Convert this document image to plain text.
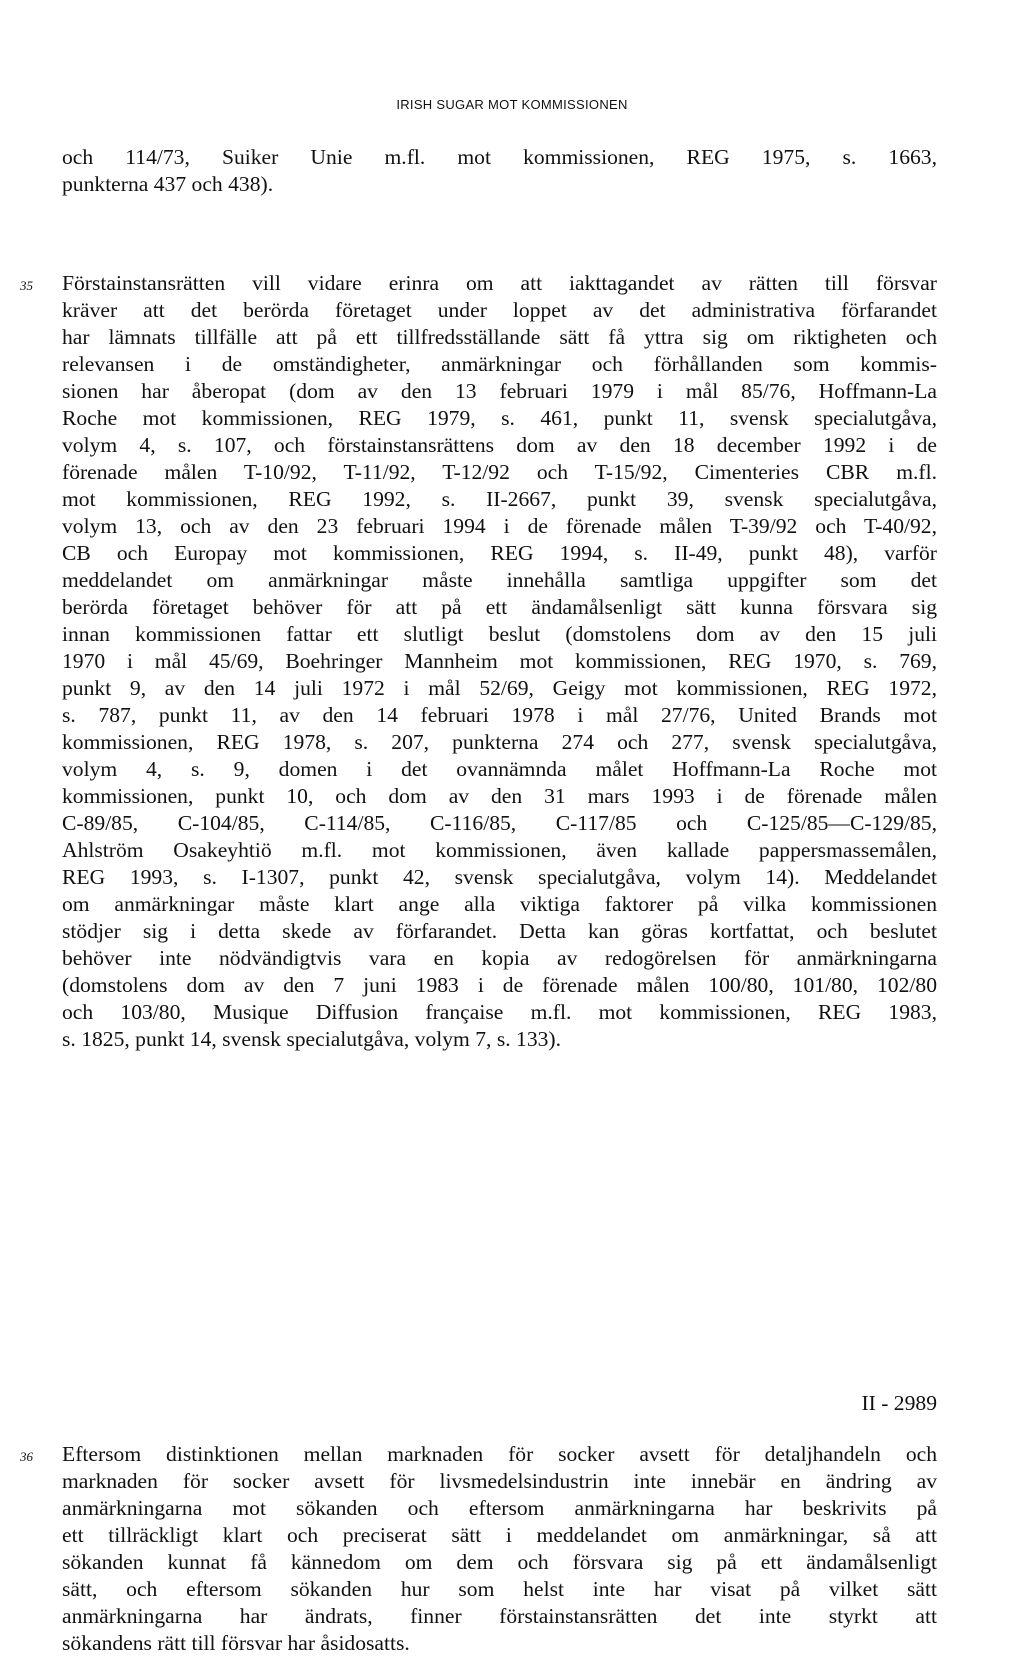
IRISH SUGAR MOT KOMMISSIONEN
och 114/73, Suiker Unie m.fl. mot kommissionen, REG 1975, s. 1663,
punkterna 437 och 438).
35 Förstainstansrätten vill vidare erinra om att iakttagandet av rätten till försvar
kräver att det berörda företaget under loppet av det administrativa förfarandet
har lämnats tillfälle att på ett tillfredsställande sätt få yttra sig om riktigheten och
relevansen i de omständigheter, anmärkningar och förhållanden som kommis-
sionen har åberopat (dom av den 13 februari 1979 i mål 85/76, Hoffmann-La
Roche mot kommissionen, REG 1979, s. 461, punkt 11, svensk specialutgåva,
volym 4, s. 107, och förstainstansrättens dom av den 18 december 1992 i de
förenade målen T-10/92, T-11/92, T-12/92 och T-15/92, Cimenteries CBR m.fl.
mot kommissionen, REG 1992, s. II-2667, punkt 39, svensk specialutgåva,
volym 13, och av den 23 februari 1994 i de förenade målen T-39/92 och T-40/92,
CB och Europay mot kommissionen, REG 1994, s. II-49, punkt 48), varför
meddelandet om anmärkningar måste innehålla samtliga uppgifter som det
berörda företaget behöver för att på ett ändamålsenligt sätt kunna försvara sig
innan kommissionen fattar ett slutligt beslut (domstolens dom av den 15 juli
1970 i mål 45/69, Boehringer Mannheim mot kommissionen, REG 1970, s. 769,
punkt 9, av den 14 juli 1972 i mål 52/69, Geigy mot kommissionen, REG 1972,
s. 787, punkt 11, av den 14 februari 1978 i mål 27/76, United Brands mot
kommissionen, REG 1978, s. 207, punkterna 274 och 277, svensk specialutgåva,
volym 4, s. 9, domen i det ovannämnda målet Hoffmann-La Roche mot
kommissionen, punkt 10, och dom av den 31 mars 1993 i de förenade målen
C-89/85, C-104/85, C-114/85, C-116/85, C-117/85 och C-125/85—C-129/85,
Ahlström Osakeyhtiö m.fl. mot kommissionen, även kallade pappersmassemålen,
REG 1993, s. I-1307, punkt 42, svensk specialutgåva, volym 14). Meddelandet
om anmärkningar måste klart ange alla viktiga faktorer på vilka kommissionen
stödjer sig i detta skede av förfarandet. Detta kan göras kortfattat, och beslutet
behöver inte nödvändigtvis vara en kopia av redogörelsen för anmärkningarna
(domstolens dom av den 7 juni 1983 i de förenade målen 100/80, 101/80, 102/80
och 103/80, Musique Diffusion française m.fl. mot kommissionen, REG 1983,
s. 1825, punkt 14, svensk specialutgåva, volym 7, s. 133).
36 Eftersom distinktionen mellan marknaden för socker avsett för detaljhandeln och
marknaden för socker avsett för livsmedelsindustrin inte innebär en ändring av
anmärkningarna mot sökanden och eftersom anmärkningarna har beskrivits på
ett tillräckligt klart och preciserat sätt i meddelandet om anmärkningar, så att
sökanden kunnat få kännedom om dem och försvara sig på ett ändamålsenligt
sätt, och eftersom sökanden hur som helst inte har visat på vilket sätt
anmärkningarna har ändrats, finner förstainstansrätten det inte styrkt att
sökandens rätt till försvar har åsidosatts.
II - 2989
